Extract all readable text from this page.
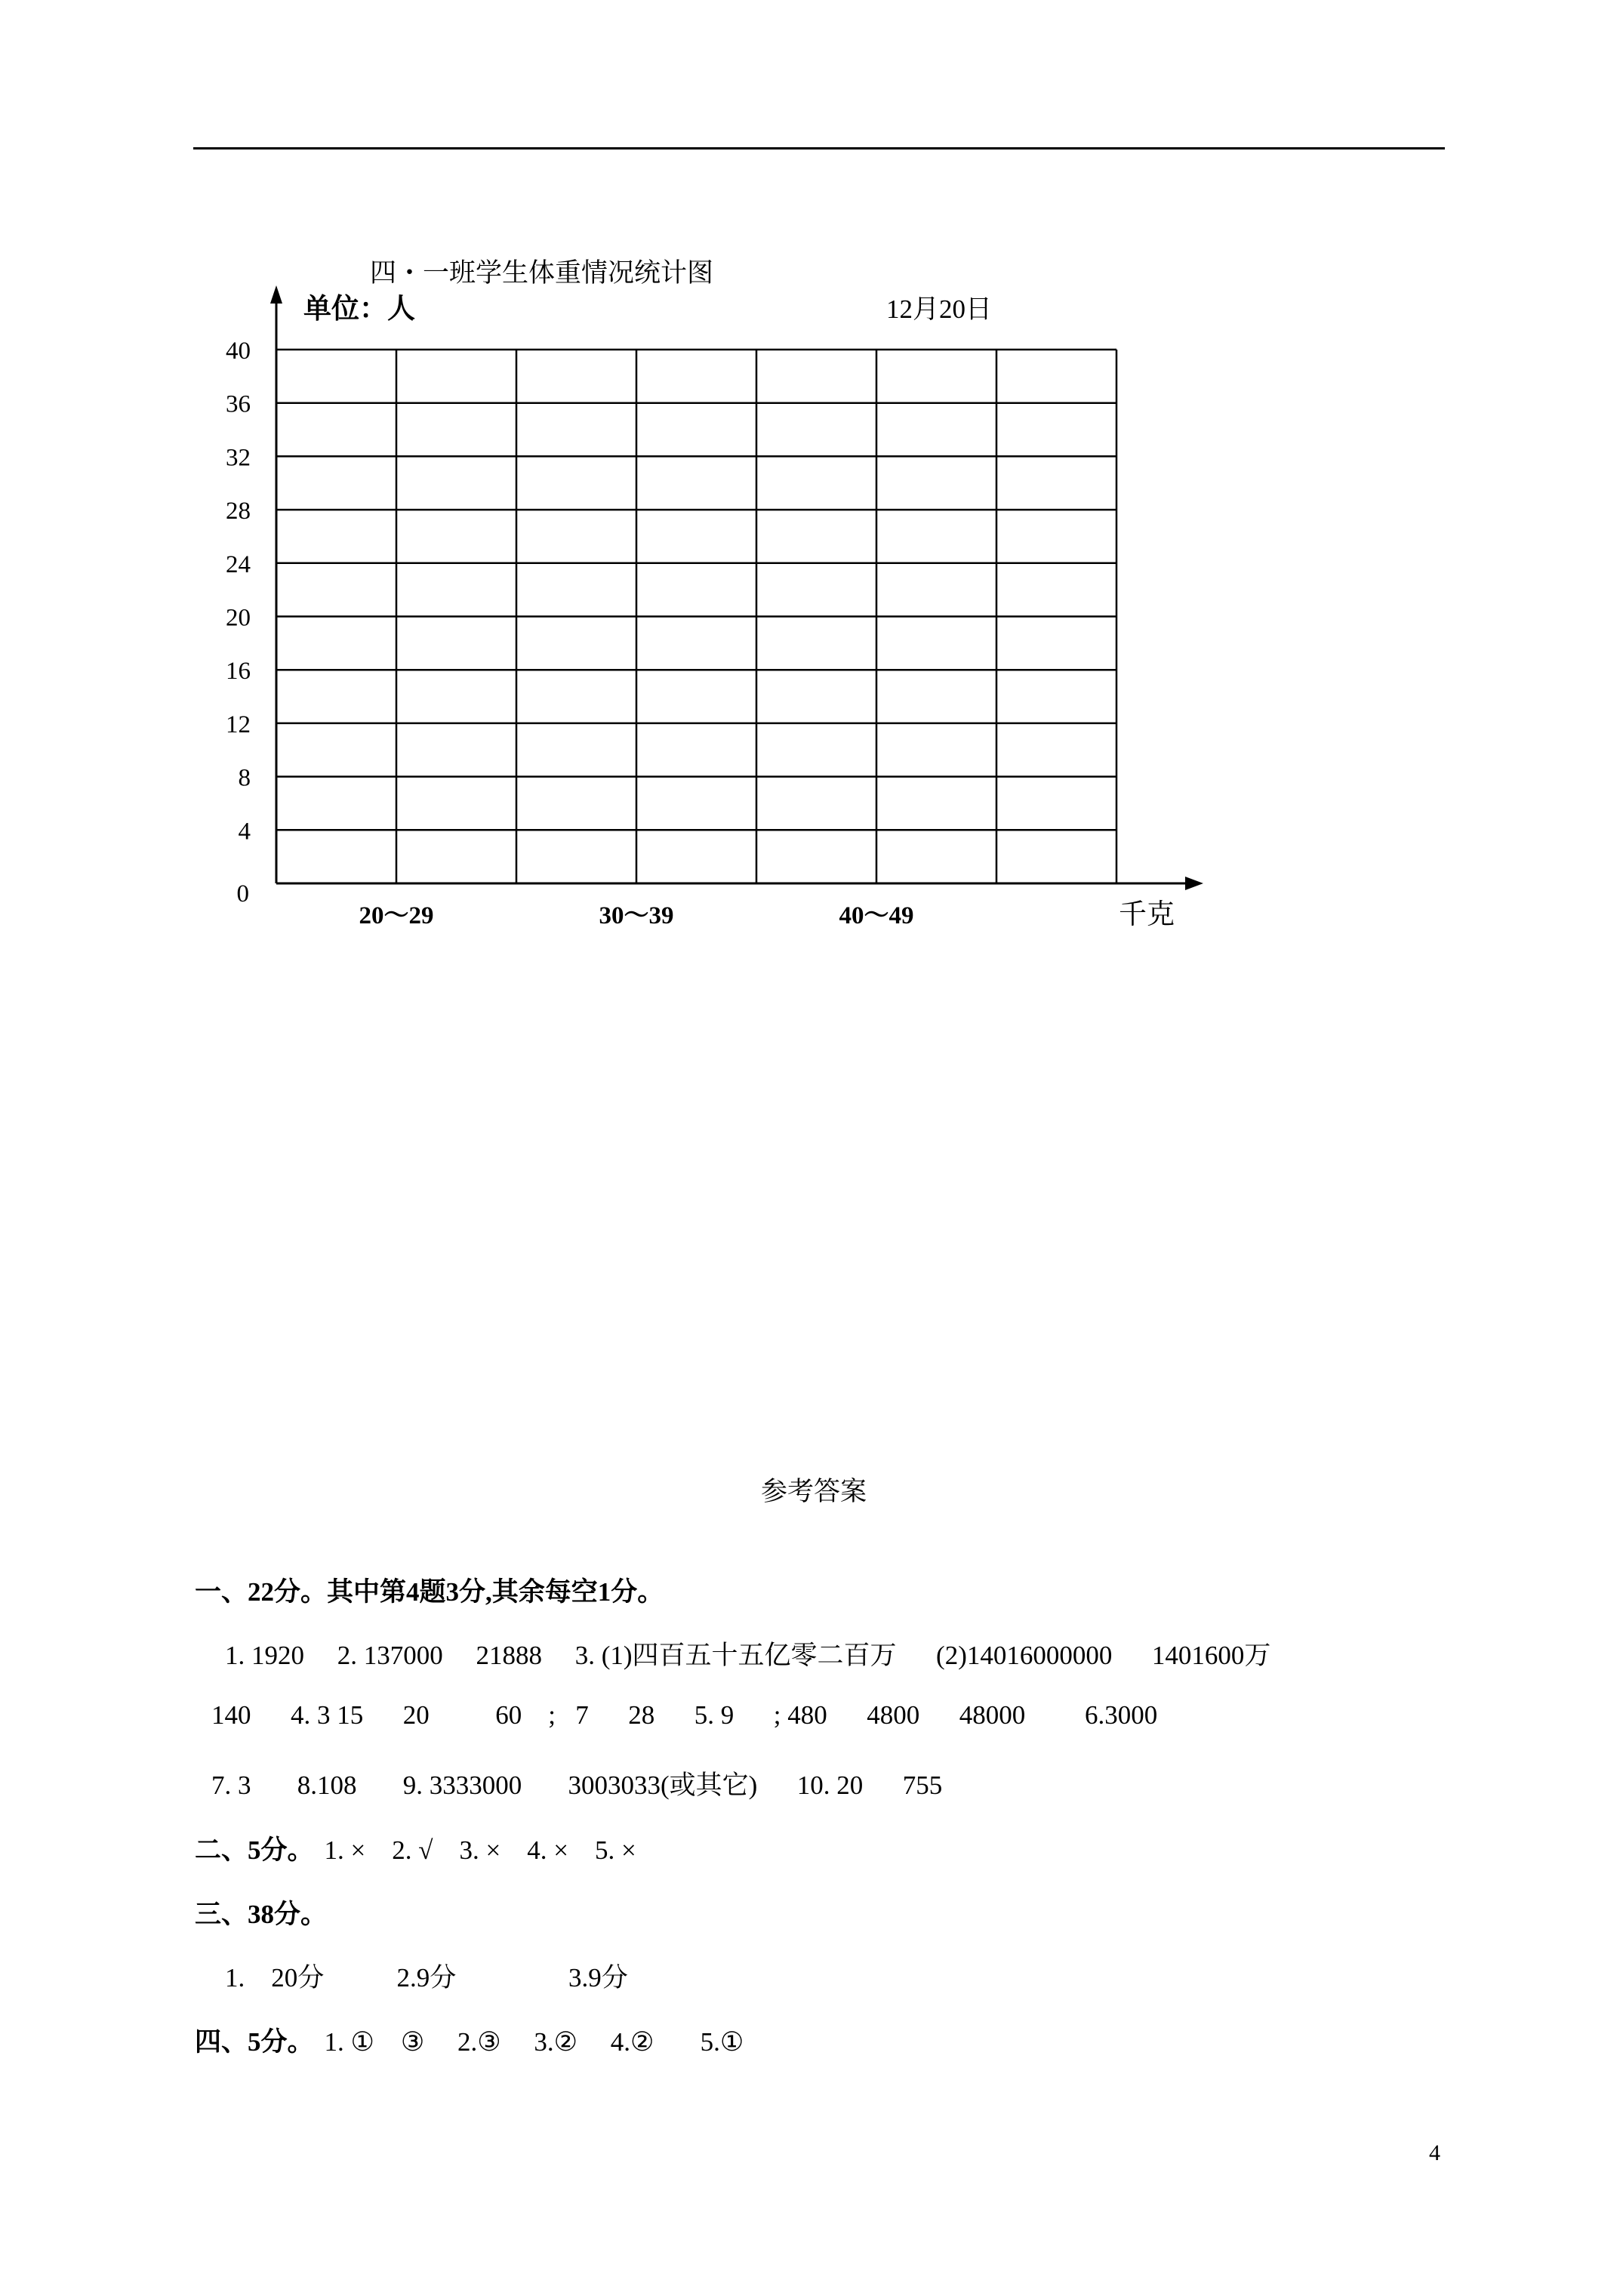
0
4
8
12
16
20
24
28
32
36
40
20～29	30～39	40～49
四・一班学生体重情况统计图
单位：人	12月20日
千克
参考答案
一、22分。其中第4题3分,其余每空1分。
1. 1920     2. 137000     21888     3. (1)四百五十五亿零二百万      (2)14016000000      1401600万
140      4. 3 15      20          60    ;   7      28      5. 9      ; 480      4800      48000         6.3000
7. 3       8.108       9. 3333000       3003033(或其它)      10. 20      755
二、5分。 1. ×    2. √    3. ×    4. ×    5. ×
三、38分。
1.    20分           2.9分                 3.9分
四、5分。 1. ①    ③     2.③     3.②     4.②       5.①
4
